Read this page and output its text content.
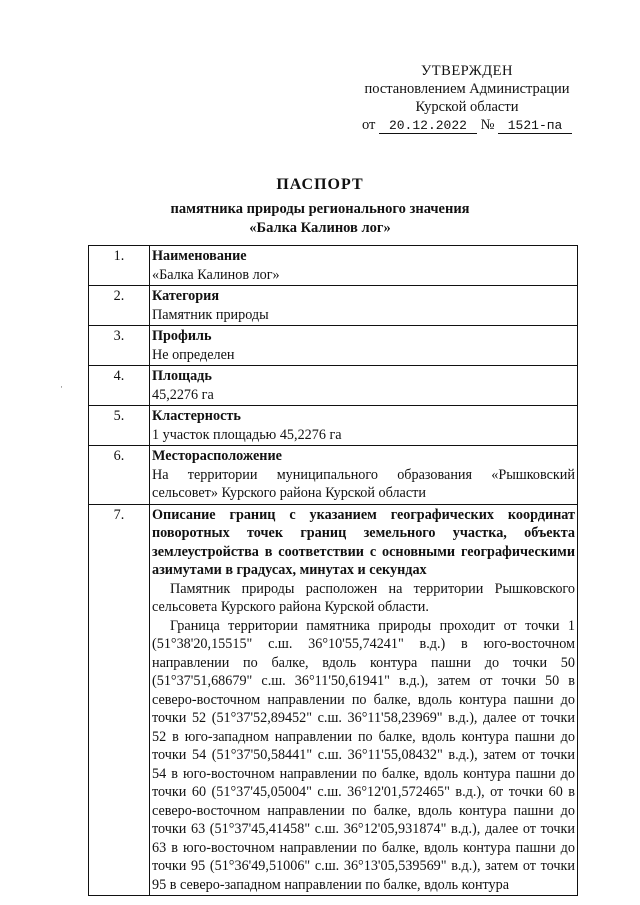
УТВЕРЖДЕН
постановлением Администрации
Курской области
от 20.12.2022 № 1521-па
ПАСПОРТ
памятника природы регионального значения
«Балка Калинов лог»
·
1.	Наименование
«Балка Калинов лог»

2.	Категория
Памятник природы

3.	Профиль
Не определен

4.	Площадь
45,2276 га

5.	Кластерность
1 участок площадью 45,2276 га

6.	Месторасположение
На территории муниципального образования «Рышковский сельсовет» Курского района Курской области

7.	Описание границ с указанием географических координат поворотных точек границ земельного участка, объекта землеустройства в соответствии с основными географическими азимутами в градусах, минутах и секундах
Памятник природы расположен на территории Рышковского сельсовета Курского района Курской области.
Граница территории памятника природы проходит от точки 1 (51°38'20,15515" с.ш. 36°10'55,74241" в.д.) в юго-восточном направлении по балке, вдоль контура пашни до точки 50 (51°37'51,68679" с.ш. 36°11'50,61941" в.д.), затем от точки 50 в северо-восточном направлении по балке, вдоль контура пашни до точки 52 (51°37'52,89452" с.ш. 36°11'58,23969" в.д.), далее от точки 52 в юго-западном направлении по балке, вдоль контура пашни до точки 54 (51°37'50,58441" с.ш. 36°11'55,08432" в.д.), затем от точки 54 в юго-восточном направлении по балке, вдоль контура пашни до точки 60 (51°37'45,05004" с.ш. 36°12'01,572465" в.д.), от точки 60 в северо-восточном направлении по балке, вдоль контура пашни до точки 63 (51°37'45,41458" с.ш. 36°12'05,931874" в.д.), далее от точки 63 в юго-восточном направлении по балке, вдоль контура пашни до точки 95 (51°36'49,51006" с.ш. 36°13'05,539569" в.д.), затем от точки 95 в северо-западном направлении по балке, вдоль контура
